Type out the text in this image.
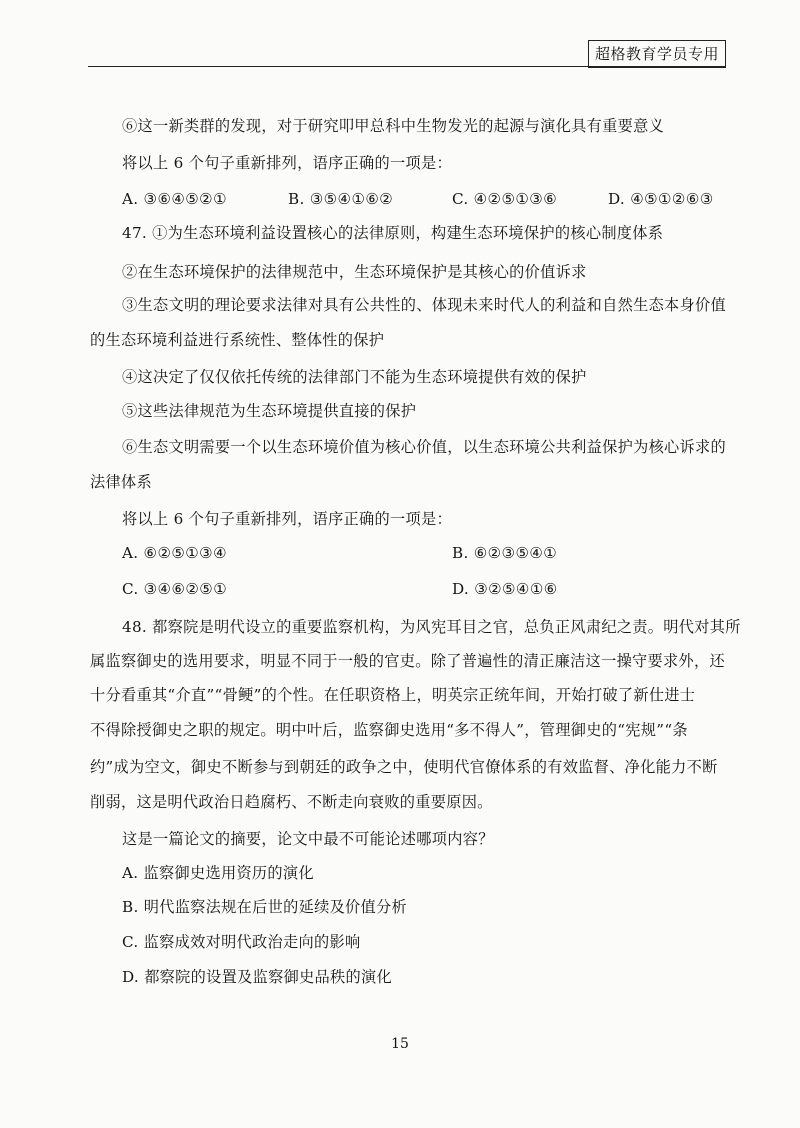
超格教育学员专用
⑥这一新类群的发现，对于研究叩甲总科中生物发光的起源与演化具有重要意义
将以上 6 个句子重新排列，语序正确的一项是：
A. ③⑥④⑤②①	B. ③⑤④①⑥②	C. ④②⑤①③⑥	D. ④⑤①②⑥③
47. ①为生态环境利益设置核心的法律原则，构建生态环境保护的核心制度体系
②在生态环境保护的法律规范中，生态环境保护是其核心的价值诉求
③生态文明的理论要求法律对具有公共性的、体现未来时代人的利益和自然生态本身价值
的生态环境利益进行系统性、整体性的保护
④这决定了仅仅依托传统的法律部门不能为生态环境提供有效的保护
⑤这些法律规范为生态环境提供直接的保护
⑥生态文明需要一个以生态环境价值为核心价值，以生态环境公共利益保护为核心诉求的
法律体系
将以上 6 个句子重新排列，语序正确的一项是：
A. ⑥②⑤①③④	B. ⑥②③⑤④①
C. ③④⑥②⑤①	D. ③②⑤④①⑥
48. 都察院是明代设立的重要监察机构，为风宪耳目之官，总负正风肃纪之责。明代对其所
属监察御史的选用要求，明显不同于一般的官吏。除了普遍性的清正廉洁这一操守要求外，还
十分看重其“介直”“骨鲠”的个性。在任职资格上，明英宗正统年间，开始打破了新仕进士
不得除授御史之职的规定。明中叶后，监察御史选用“多不得人”，管理御史的“宪规”“条
约”成为空文，御史不断参与到朝廷的政争之中，使明代官僚体系的有效监督、净化能力不断
削弱，这是明代政治日趋腐朽、不断走向衰败的重要原因。
这是一篇论文的摘要，论文中最不可能论述哪项内容？
A. 监察御史选用资历的演化
B. 明代监察法规在后世的延续及价值分析
C. 监察成效对明代政治走向的影响
D. 都察院的设置及监察御史品秩的演化
15
